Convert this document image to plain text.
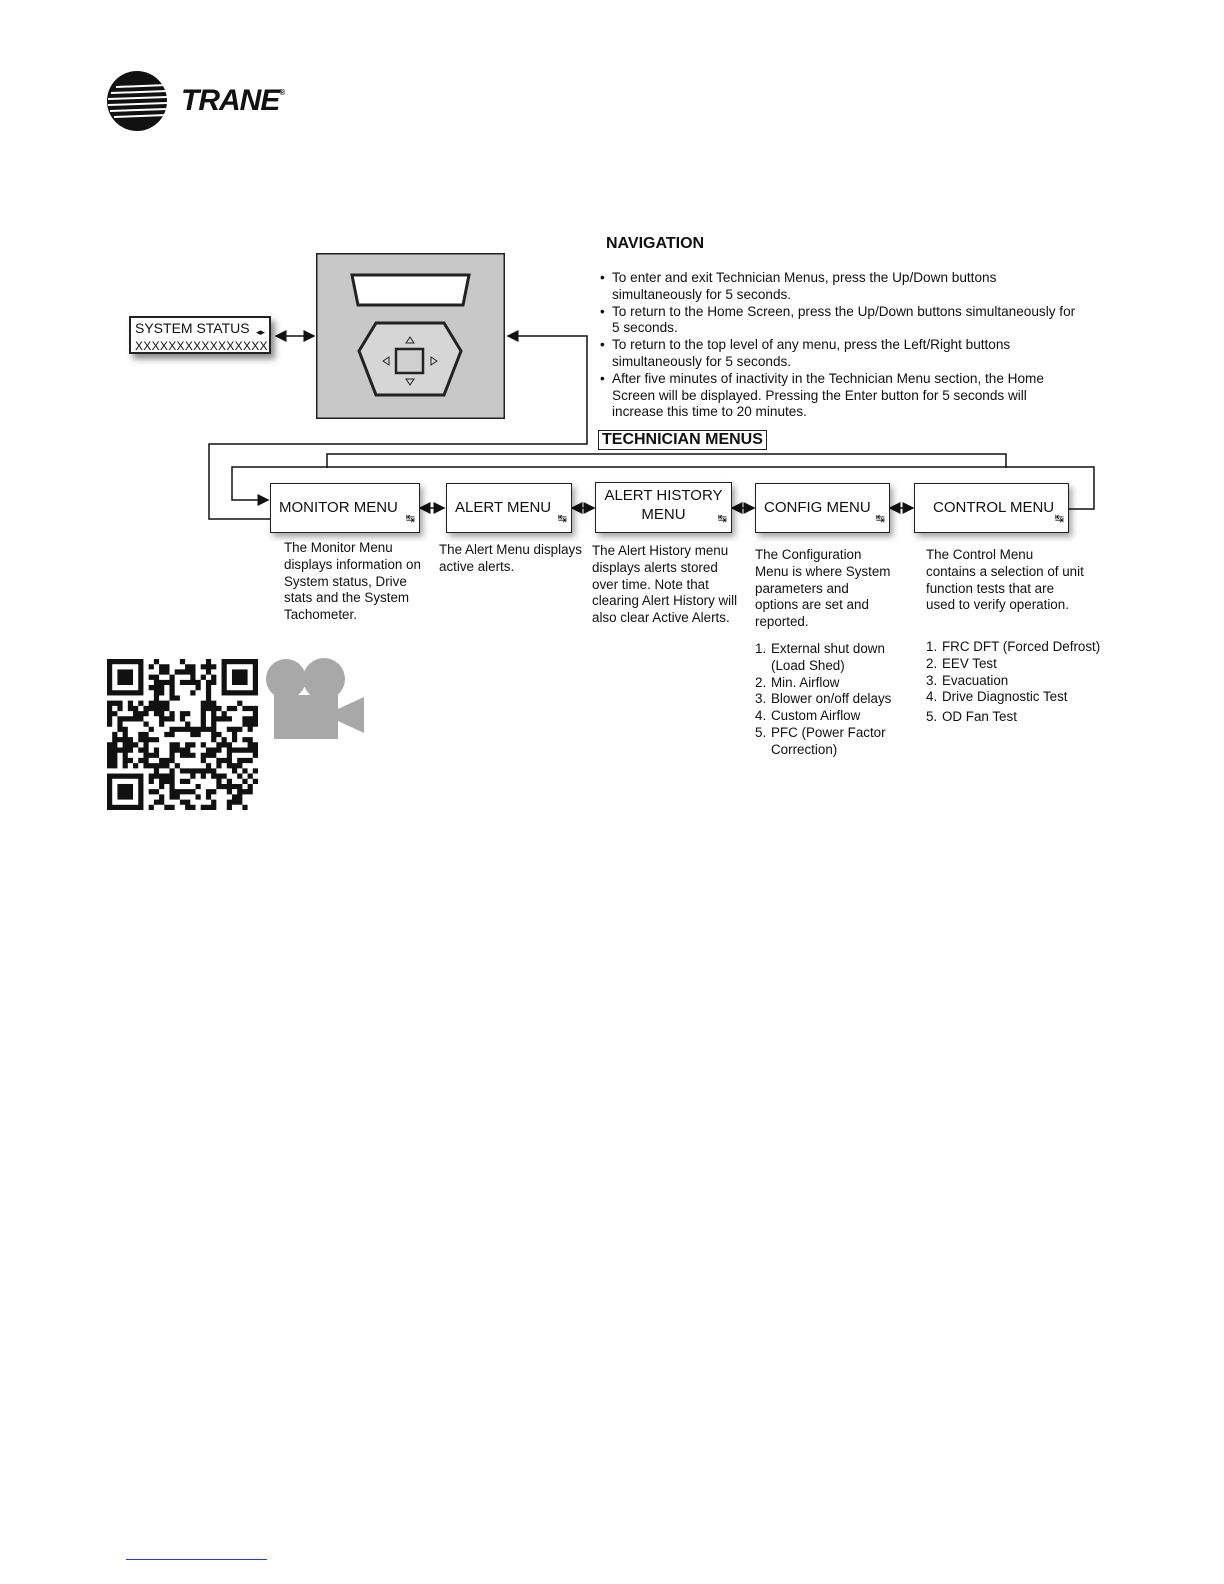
TRANE®
NAVIGATION
• To enter and exit Technician Menus, press the Up/Down buttons simultaneously for 5 seconds.
• To return to the Home Screen, press the Up/Down buttons simultaneously for 5 seconds.
• To return to the top level of any menu, press the Left/Right buttons simultaneously for 5 seconds.
• After five minutes of inactivity in the Technician Menu section, the Home Screen will be displayed. Pressing the Enter button for 5 seconds will increase this time to 20 minutes.
SYSTEM STATUS
XXXXXXXXXXXXXXXX
◂▸
TECHNICIAN MENUS
MONITOR MENU
↹
ALERT MENU
↹
ALERT HISTORY
MENU	↹
CONFIG MENU
↹
CONTROL MENU
↹
The Monitor Menu displays information on System status, Drive stats and the System Tachometer.
The Alert Menu displays active alerts.
The Alert History menu displays alerts stored over time. Note that clearing Alert History will also clear Active Alerts.
The Configuration Menu is where System parameters and options are set and reported.
The Control Menu contains a selection of unit function tests that are used to verify operation.
1. External shut down (Load Shed)
2. Min. Airflow
3. Blower on/off delays
4. Custom Airflow
5. PFC (Power Factor Correction)
1. FRC DFT (Forced Defrost)
2. EEV Test
3. Evacuation
4. Drive Diagnostic Test
5. OD Fan Test
